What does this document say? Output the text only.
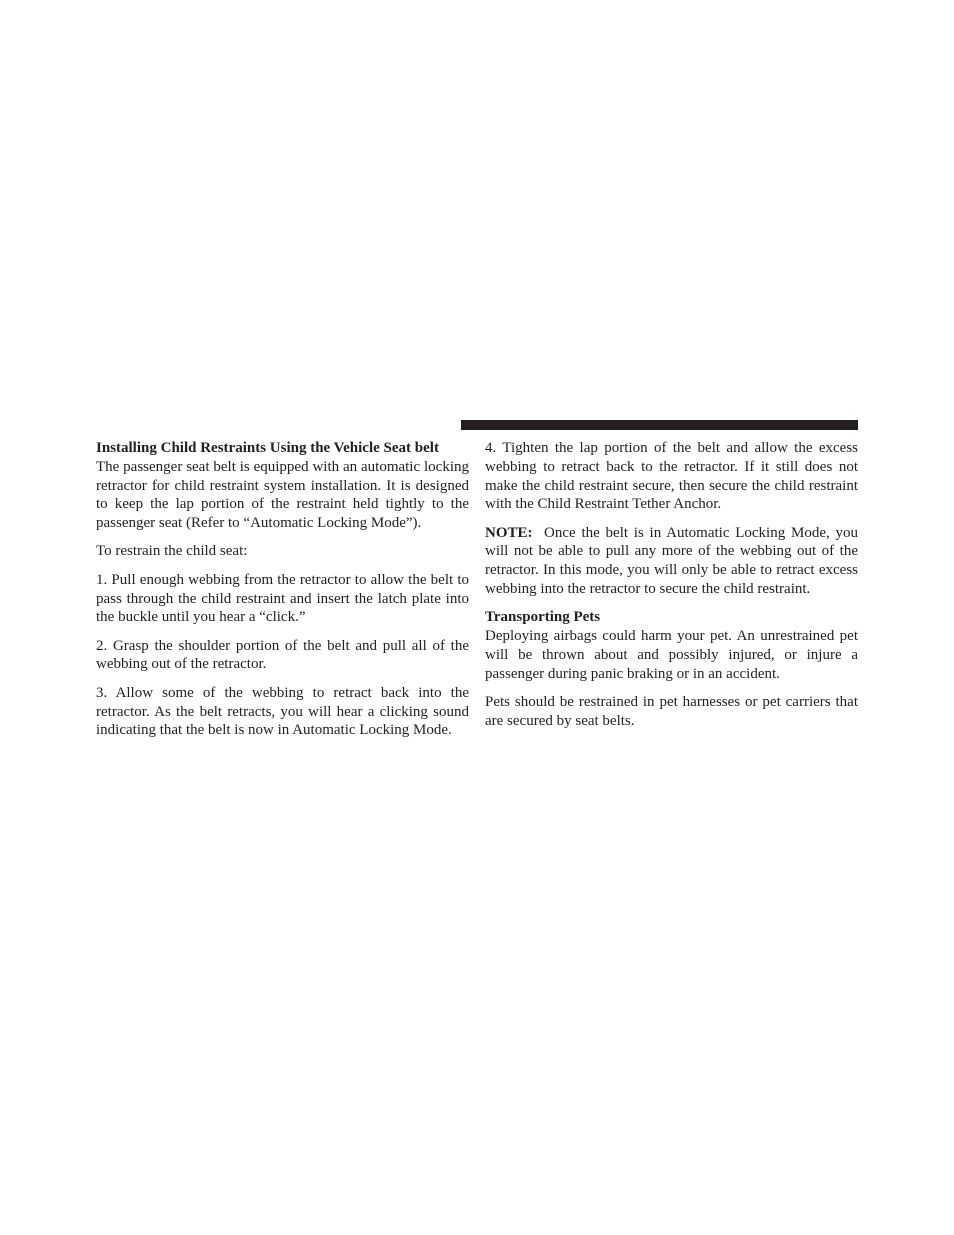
Installing Child Restraints Using the Vehicle Seat belt

The passenger seat belt is equipped with an automatic locking retractor for child restraint system installation. It is designed to keep the lap portion of the restraint held tightly to the passenger seat (Refer to “Automatic Locking Mode”).

To restrain the child seat:

1. Pull enough webbing from the retractor to allow the belt to pass through the child restraint and insert the latch plate into the buckle until you hear a “click.”

2. Grasp the shoulder portion of the belt and pull all of the webbing out of the retractor.

3. Allow some of the webbing to retract back into the retractor. As the belt retracts, you will hear a clicking sound indicating that the belt is now in Automatic Locking Mode.

4. Tighten the lap portion of the belt and allow the excess webbing to retract back to the retractor. If it still does not make the child restraint secure, then secure the child restraint with the Child Restraint Tether Anchor.

NOTE: Once the belt is in Automatic Locking Mode, you will not be able to pull any more of the webbing out of the retractor. In this mode, you will only be able to retract excess webbing into the retractor to secure the child restraint.

Transporting Pets

Deploying airbags could harm your pet. An unrestrained pet will be thrown about and possibly injured, or injure a passenger during panic braking or in an accident.

Pets should be restrained in pet harnesses or pet carriers that are secured by seat belts.
